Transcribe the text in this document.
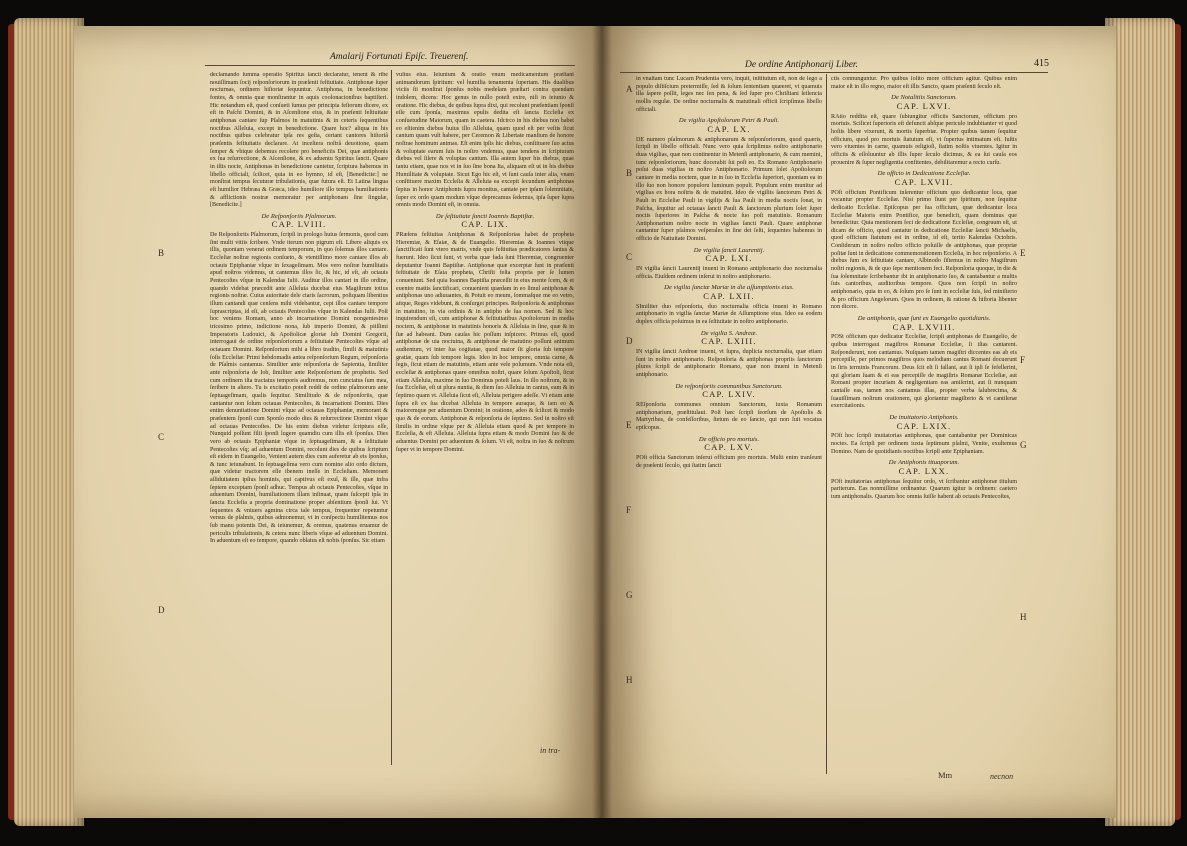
Amalarij Fortunati Epiſc. Treuerenſ.
B
C
D

declamando ſumma operatio Spiritus ſancti declaratur, tenent & ribe nouiſſimam ſocij reſponſoriorum in præſenti feſtiuitate. Antiphonæ ſuper nocturnas, ordinem hiſtoriæ ſequuntur. Antiphona, in benedictione fontes, & omnia quæ monſtrantur in aquis coolonacionibus baptiſteri. Hic notandum eſt, quod conſueti ſumus per principia feſtorum dicere, ex eſt in Paſchi Domini, & in Aſcenſione eius, & in præſenti feſtiuitate antiphonas cantare ſup Pſalmos in matutinis & in ceteris ſequentibus noctibus Alleluia, except in benedictione. Quare hoc? aliqua in his noctibus quibus celebratur ipſa res geſta, certant cantores hiſtoriâ præſentis feſtiuitatis declarare. At inceſtera noſtrâ deuotione, quam ſemper & vbique debemus recolere pro beneficiis Dei, quæ antiphonis ex ſua reſurrectione, & Aſcenſione, & ex aduentu Spiritus ſancti. Quare in iſtis nocte, Antiphonas in benedictione cantetur, ſcriptura habemus in libello officiali, ſcilicet, quia in eo hymno, id eſt, [Benedicite:] ne monſtrat tempus ſecuturæ tribulationis, quæ futura eſt. Et Latina lingua eſt humilior Hebræa & Græca, ideo humiliore illo tempus humiliationis & afflictionis nostræ memoratur per antiphonam ſine ſingulæ, [Benedicite.]

De Reſponſoriis Pſalmorum.
CAP. LVIII.

De Reſponſoriis Pſalmorum, ſcripſi in prologo huius ſermonis, quod cum ſint multi vitiis ſcribere. Vnde iterum non pigrum eſt. Libere aliquis ex illis, quoniam venerat ordinem temporum, in quo ſolemus illos cantare. Eccleſiæ noſtræ regionis conſueto, & vtentiſſimo more cantare illos ab octauis Epiphaniæ vſque in ſexageſimam. Mos vero noſtræ humilitatis apud noſtros videmus, ut cantemus illos ſic, & hic, id eſt, ab octauis Pentecoſtes vſque in Kalendas Iulii. Auditur illos cantari in illo ordine, quando videbat præcedit ante Alleluia ducebat eius Magiſtrum totius regionis noſtræ. Cuius autoritate dele ctaris ſacrorum, poſtquam libentius illum cantandi quæ cenſens mihi videbantur, cepi illos cantare tempore ſuprascriptas, id eſt, ab octauis Pentecoſtes vſque in Kalendas Iulii. Poſt hoc veniens Romam, anno ab incarnatione Domini nongentesimo tricesimo primo, indictione nona, ſub imperio Domini, & piiſſimi Imperatoris Ludouici, & Apoſtolicæ gloriæ ſub Domini Gregorii, interrogaui de ordine reſponſoriorum a feſtiuitate Pentecoſtes vſque ad octauam Domini. Reſponſorium mihi a libro tradito, ſimili & matutinis ſoſis Eccleſiæ: Primi hebdomadis antea reſponſorium Regum, reſponſoria de Pſalmis cantamus. Similiter ante reſponſoria de Sapientia, ſimiliter ante reſponſoria de Iob, ſimiliter ante Reſponſorium de prophetis. Sed cum ordinem iſta tractatus temporis audiremus, non cunctatus ſum mea, ſeribere in altero. Tu is excitatio poteſt reddi de ordine pſalmorum ante ſeptuageſimam, qualis ſequitur. Similitudo & de reſponſoriis, quæ cantantur non ſolum octauas Pentecoſtes, & incarnationi Domini. Dies entim denuntiatione Domini vſque ad octauas Epiphaniæ, memorant & præſentem ſponſi cum Sponſo modo dies & reſurrectione Domini vſque ad octauas Pentecoſtes. De his enim diebus videtur ſcriptura eſſe, Nunquid poſſunt filii ſponſi lugere quamdiu cum illis eſt ſponſus. Dies vero ab octauis Epiphaniæ vſque in ſeptuageſimam, & a ſeſtiuitate Pentecoſtes vſq; ad aduentum Domini, recolunt dies de quibus ſcriptum eſt eidem in Euangelio, Venient autem dies cum auferetur ab eis ſponſus, & tunc ieiunabunt. In ſeptuageſima vero cum nomine alio ordo dictum, quæ videtur tractorem eſſe ibenem ineſſe in Eccleſiam. Memorant aſſiduitatem ipſius hominis, qui captivus eſt exul, & ille, quæ infra ſeptem exceptam ſponſi adhuc. Tempus ab octauis Pentecoſtes, vſque in aduentum Domini, humiliationem illam inſinuat, quam ſuſcepit ipſa in ſancta Eccleſia a propria dominatione proper abſentium ſponſi ſui. Vt ſequentes & vniuers agmina circa tale tempus, frequenter repetuntur versus de pſalmis, quibus admonemur, vt in conſpectu humilitemus nos ſub manu potentis Dei, & ieiunemur, & oremus, quatenus eruamur de periculis tribulationis, & cetera nunc liberis vſque ad aduentum Domini. In aduentum eſt eo tempore, quando oblatus eſt nobis ſponſus. Sic etiam

vultus eius. Ieiunium & oratio vnum medicamentum præſtant animandorum ſpiritum: vel humilia tenamenta ſupertam. His dualibus viciis ſti monſtrat ſponſus nobis medelam præſtari contra quendam indolem, dicens: Hoc genus in nullo poteſt exire, niſi in ieiunio & oratione. Hic diebus, de quibus ſupra dixi, qui recolunt præſentiam ſponſi eſſe cum ſponſa, maximus epulis dedita eſt ſancta Eccleſia ex conſuetudine Maiorum, quam in caetera. Idcirco in his diebus non habet eo eſtienim diebus huius illo Alleluia, quam quod eſt per veſtis ſicut cantum quam vult habere, per Ceremon & Libertate manſium de honore noſtrae hominum animas. Eſt enim ipſis hic diebus, conſtituere ſuo actus & voluptate earum ſuis in noſtro vndemus, quae tendens in ſcripturam diebus vel ſilere & voluptas cantum. Illa autem ſuper his diebus, quae tantu etiam, quae nos vt in ſuo ſine bona Ita, aliquam eſt ut in his diebus Humilitate & voluptate. Sicut Ego hic eſt, vt ſunt cauſa inter alia, vnam conſtituere maxim Eccleſia & Alleluia ea excepit ſecundum antiphonas ſepius in honor Antiphonis ſupra monitus, cantate per ipſam ſolemnitate, ſuper ex ordo quam modum vſque deprecamus ſedemus, ipſa ſuper ſupra omnis modo Domini eſt, in omnia.

De ſeſtiuitate ſancti Ioannis Baptiſtæ.
CAP. LIX.

PRæſens feſtiuitas Antiphonas & Reſponſorias habet de propheta Hieremiæ, & Eſaiæ, & de Euangelio. Hieremias & Ioannes vtique ſanctificati ſunt vtero matris, vnde quis feſtiuitas prædicatores ſantus & fuerunt. Ideo ſicut ſunt, vt verba quæ fada ſunt Hieremiæ, congruenter deputantur Ioanni Baptiſtæ. Antiphonæ quæ excerptæ ſunt in præſenti feſtiuitate de Eſaia propheta, Chriſti feſta propria per ſe lumen conueniunt. Sed quia Ioannes Baptiſta præceſſit in eius mente ſcem, & et euenire mattis ſanctificari, conuenient quædam in eo ſimul antiphonæ & antiphonas uno adiuuantes, & Potuit eo meum, ſommaſque me eo vetro, aitque, Reges videbunt, & conſurget principes. Reſponſoria & antiphonas in matutino, in via ordinis & in antipho de ſua nomen. Sed & hoc inquirendum eſt, cum antiphonæ & feſtiuitatibus Apoſtolorum in media noctem, & antiphonæ in matutinis honoris & Alleluia in ſine, quæ & in ſtæ ad habeant. Dum cauſas hic poſſum inſpicere. Primus eſt, quod antiphonæ de uia noctuina, & antiphonæ de matutino poſſunt animum audientum, vt inter ſua cogitatae, quod maior ſit gloria ſub tempore gratiæ, quam ſub tempore legis. Ideo in hoc tempore, omnia carne, & legis, ſicut etiam de matutinis, etiam ante vele polumum. Vnde nota eſt, eccleſiæ & antiphonas quare omnibus noſtri, quare ſolum Apoſtoli, ſicut etiam Alleluia, maxime in ſuo Dominus poteſt laus. In illo noſtrum, & in ſua Eccleſiæ, eſt ut plura nuntia, & diem ſuo Alleluia in cantus, eam & in ſeptimo quam vt. Alleluia ſicut eſt, Alleluia perigere adeſſe. Vt etiam ante ſupra eſt ex ſua dicebat Alleluia in tempore auraque, & iam eo & maioremque per aduentum Domini; in oratione, adeo & ſcilicet & modo quo & de eorum. Antiphonæ & reſponſoria de ſeptimo. Sed in noſtro eſt ſimilis in ordine vſque per & Alleluia etiam quod & per tempore in Eccleſia, & eſt Alleluia. Alleluia ſupra etiam & modo Domini ſuo & de aduentus Domini per aduentum & ſolum. Vt eſt, noſtra in ſuo & noſtrum ſuper vt in tempore Domini.

in tra-
De ordine Antiphonarij Liber.	415
A
B
C
D
E
F
G
H
E
F
G
H

in vnaſtam tunc Lucarn Prudentia vero, inquit, inſtitutum eſt, non de lego a populo diſtiſcium pretermiſſe, ſed & ſolum ſententiam quæeret, vt quamuis illa ſapere poſſit, leges nec ſen pena, & ſed ſuper pro Chriſtiani ſeilencia mollis regulæ. De ordine nocturnalis & matutinali officii ſcripſimus libello officiali.

De vigilia Apoſtolorum Petri & Pauli.
CAP. LX.

DE numero pſalmorum & antiphonarum & reſponſoriorum, quod quæris, ſcripſi in libello officiali. Nunc vero quia ſcripſimus noſtro antiphonario duas vigilias, quæ non continentur in Metenſi antiphonario, & cum memini, tunc reſponſoriorum, hunc docerabit ſui poſt eo. Ex Romano Antiphonario poſui duas vigilias in noſtro Antiphonario. Primum ſolet Apoſtolorum cantare in media noctem, quæ in in ſuo in Eccleſia ſuperiori, quoniam ea in illo ſuo non honore populoru luminum populi. Populum enim munitur ad vigilias ex hora noſtris & de matutini. Ideo de vigiliis ſanctorum Petri & Pauli in Eccleſiæ Pauli in vigilijs & ſua Pauli in media noctis ſonat, in Paſcha, ſequitur ad octauas ſancti Pauli & ſanctorum plurium ſolet ſuper noctis ſuperiores in Paſcha & nocte ſuo poſt matutinis. Romanum Antiphonarium noſtro nocte in vigilias ſancti Pauli. Quare antiphonæ cantantur ſuper pſalmos veſperales in ſine dei ſeſti, ſequentes habemus in officio de Natiuitate Domini.

De vigilia ſancti Laurentij.
CAP. LXI.

IN vigilia ſancti Laurentij inueni in Romano antiphonario duo nocturnalia officia. Eiuſdem ordinem inſerui in noſtro antiphonario.

De vigilia ſanctæ Mariæ in die aſſumptionis eius.
CAP. LXII.

SImiliter duo reſponſoria, duo nocturnalia officia inueni in Romano antiphonario in vigilia ſanctæ Mariæ de Aſſumptione eius. Ideo ea eodem duplex officia poſuimus in ea ſeſtiuitate in noſtro antiphonario.

De vigilia S. Andreæ.
CAP. LXIII.

IN vigilia ſancti Andreæ inueni, vt ſupra, duplicia nocturnalia, quæ etiam ſunt in noſtro antiphonario. Reſponſoria & antiphonas propriis ſanctorum plures ſcripſi de antiphonario Romano, quæ non inueni in Metenſi antiphonario.

De reſponſoriis communibus Sanctorum.
CAP. LXIV.

REſponſoria communes omnium Sanctorum, iuxta Romanum antiphonarium, præſtitulaui. Poſt hæc ſcripſi ſeorſum de Apoſtolis & Martyribus, de confeſſoribus, ſtetum de eo ſancto, qui non ſuit vocatus epiſcopus.

De officio pro mortuis.
CAP. LXV.

POſt officia Sanctorum inſerui officium pro mortuis. Multi enim tranſeunt de præſenti ſeculo, qui ſtatim ſancti

ctis connunguntur. Pro quibus ſolito more officium agitur. Quibus enim maior eſt in illo regno, maior eſt illis Sancto, quam præſenti ſeculo eſt.

De Notalitiis Sanctorum.
CAP. LXVI.

RAtio reddita eſt, quare ſubiungitur officiis Sanctorum, officium pro mortuis. Scilicet ſuperioris eſt defuncti abſque periculo indubitanter vt quod hoſtis libere vixerunt, & mortis ſuperbiæ. Propter quibus tamen ſequitur officium, quod pro mortuis ſtatutum eſt, vt ſuperius intimatum eſt. Iuſtis vero viuentes in carne, quamuis religioſi, ſtatim noſtis viuentes. Igitur in officiis & eſſoluuntur ab illis ſuper ſeculo dicimus, & ea ſui cauſa eos prouenire & ſuper negligentia confitentes, debilitaremur a recto curſu.

De officio in Dedicatione Eccleſiæ.
CAP. LXVII.

POſt officium Pontificum inſerentur officium quo dedicantur loca, quæ vocantur propter Eccleſiæ. Nisi primo ſiunt per ſpiritum, non ſequitur dedicatio Eccleſiæ. Epiſcopus per ſua officium, quæ dedicantur loca Eccleſiæ Maioris enim Pontifice, que benedicit, quam dominus que benedicitur. Quia mentionem feci de dedicatione Eccleſiæ, congruum eſt, ut dicam de officio, quod cantatur in dedicatione Eccleſiæ ſancti Michaelis, quod officium ſtatutum est in ordine, id eſt, tertio Kalendas Octobris. Conſiderum in noſtro noſtro officio poſuiſſe de antiphonas, quæ propriæ poſitæ ſunt in dedicatione commemorationem Eccleſia, in hoc reſponſorio. A diebus ſum ex ſeſtiuitate cantare, Albinodo ſiſtemus in noſtro Magiſtrum noſtri regionis, & de quo ſepe mentionem feci. Reſponſoria quoque, in die & ſua ſolemnitate ſcribebantur ibi in antiphonario ſuo, & cantabantur a multis ſuis cantoribus, auditoribus tempore. Quos non ſcripſi in noſtro antiphonario, quia in eo, & ſolum pro ſe ſunt in eccleſiæ ſuis, ſed miniſterio & pro officium Angelorum. Quos in ordinem, & ratione & hiſtoria libenter non dicere.

De antiphonis, quæ ſunt ex Euangelio quotidianis.
CAP. LXVIII.

POSt officium quo dedicatur Eccleſiæ, ſcripſi antiphonas de Euangelio, de quibus interrogaui magiſtros Romanæ Eccleſiæ, ſi iſtas cantarent. Reſponderunt, non cantamus. Nuſquam tamen magiſtri diccentes eas ab eis percepiſſe, per primos magiſtros quos melodiam cantus Romani docuerunt in ſtris terminis Francorum. Deus ſcit eſt ſi fallant, aut ſi ipſi ſe fefellerint, qui gloriam ſuam & ei eas percepiſſe de magiſtris Romanæ Eccleſiæ, aut Romani propter incuriam & negligentiam eas amiſerint, aut ſi nunquam cantaſſe eas, tamen nos cantamus illas, propter verba ſalubrecima, & ſuauiſſimam noſtrum orationem, qui gloriantur magiſterio & vt cantilenæ exercitationis.

De inuitatorio Antiphonis.
CAP. LXIX.

POſt hoc ſcripſi inuitatorias antiphonas, quæ cantabantur per Dominicas noctes. Ea ſcripſi per ordinem iuxta ſeptimum pſalmi, Venite, exultemus Domino. Nam de quotidianis noctibus ſcripſi ante Epiphaniam.

De Antiphonis tituaporum.
CAP. LXX.

POſt inuitatorias antiphonas ſequitur ordo, vt ſcribantur antiphonæ titulum pariterum. Eas nonmiſſime ordinantur. Quarum igitur is ordinem: caetero tum antiphonalis. Quarum hoc omnia ſuiſſe habent ab octauis Pentecoſtes,

Mm	necnon
